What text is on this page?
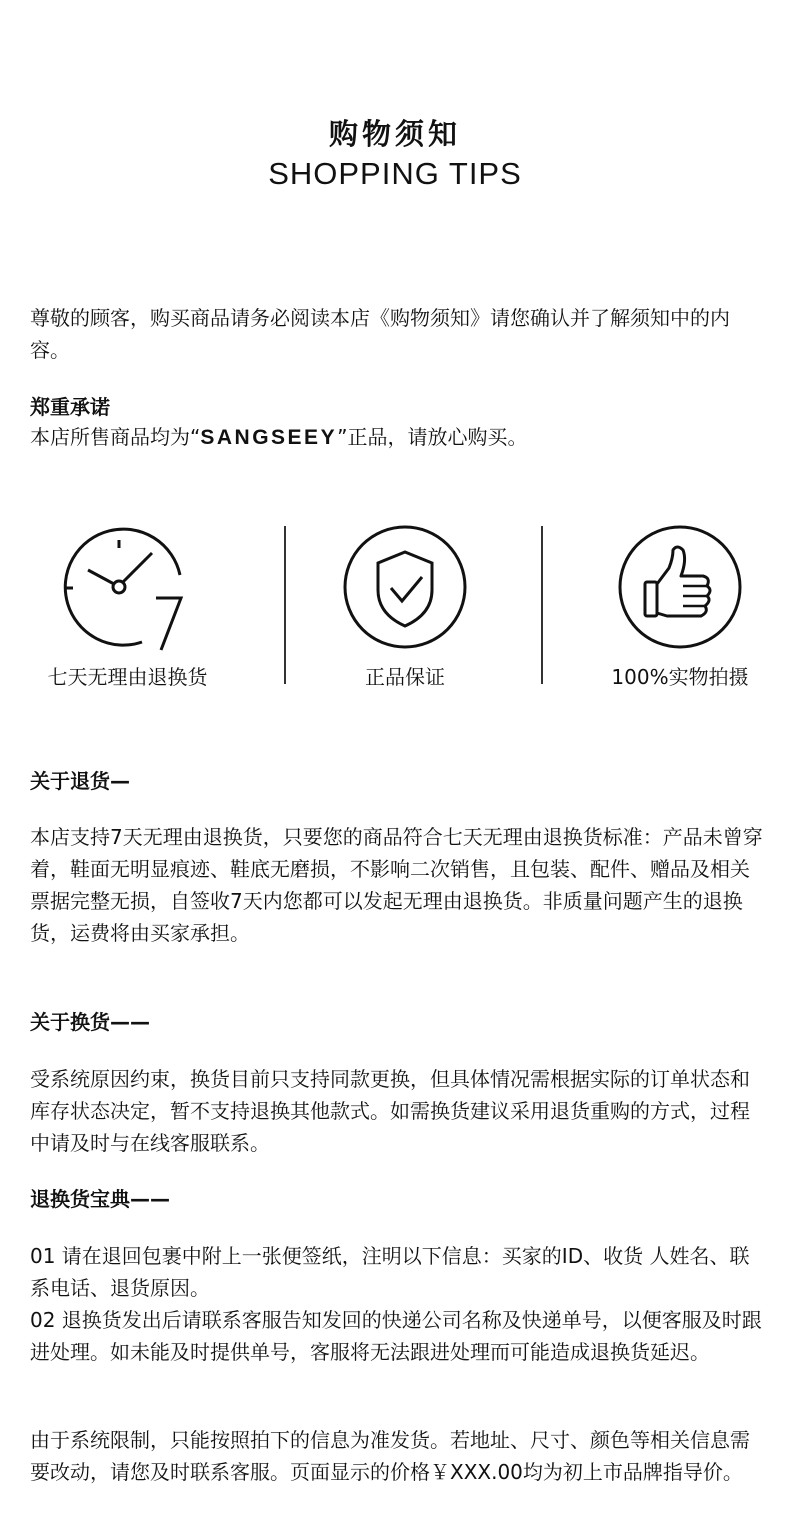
购物须知
SHOPPING TIPS
尊敬的顾客，购买商品请务必阅读本店《购物须知》请您确认并了解须知中的内容。
郑重承诺
本店所售商品均为“SANGSEEY”正品，请放心购买。
七天无理由退换货	正品保证	100%实物拍摄
关于退货—
本店支持7天无理由退换货，只要您的商品符合七天无理由退换货标准：产品未曾穿着，鞋面无明显痕迹、鞋底无磨损，不影响二次销售，且包装、配件、赠品及相关票据完整无损，自签收7天内您都可以发起无理由退换货。非质量问题产生的退换货，运费将由买家承担。
关于换货——
受系统原因约束，换货目前只支持同款更换，但具体情况需根据实际的订单状态和库存状态决定，暂不支持退换其他款式。如需换货建议采用退货重购的方式，过程中请及时与在线客服联系。
退换货宝典——
01 请在退回包裹中附上一张便签纸，注明以下信息：买家的ID、收货 人姓名、联系电话、退货原因。
02 退换货发出后请联系客服告知发回的快递公司名称及快递单号，以便客服及时跟进处理。如未能及时提供单号，客服将无法跟进处理而可能造成退换货延迟。
由于系统限制，只能按照拍下的信息为准发货。若地址、尺寸、颜色等相关信息需要改动，请您及时联系客服。页面显示的价格￥XXX.00均为初上市品牌指导价。
